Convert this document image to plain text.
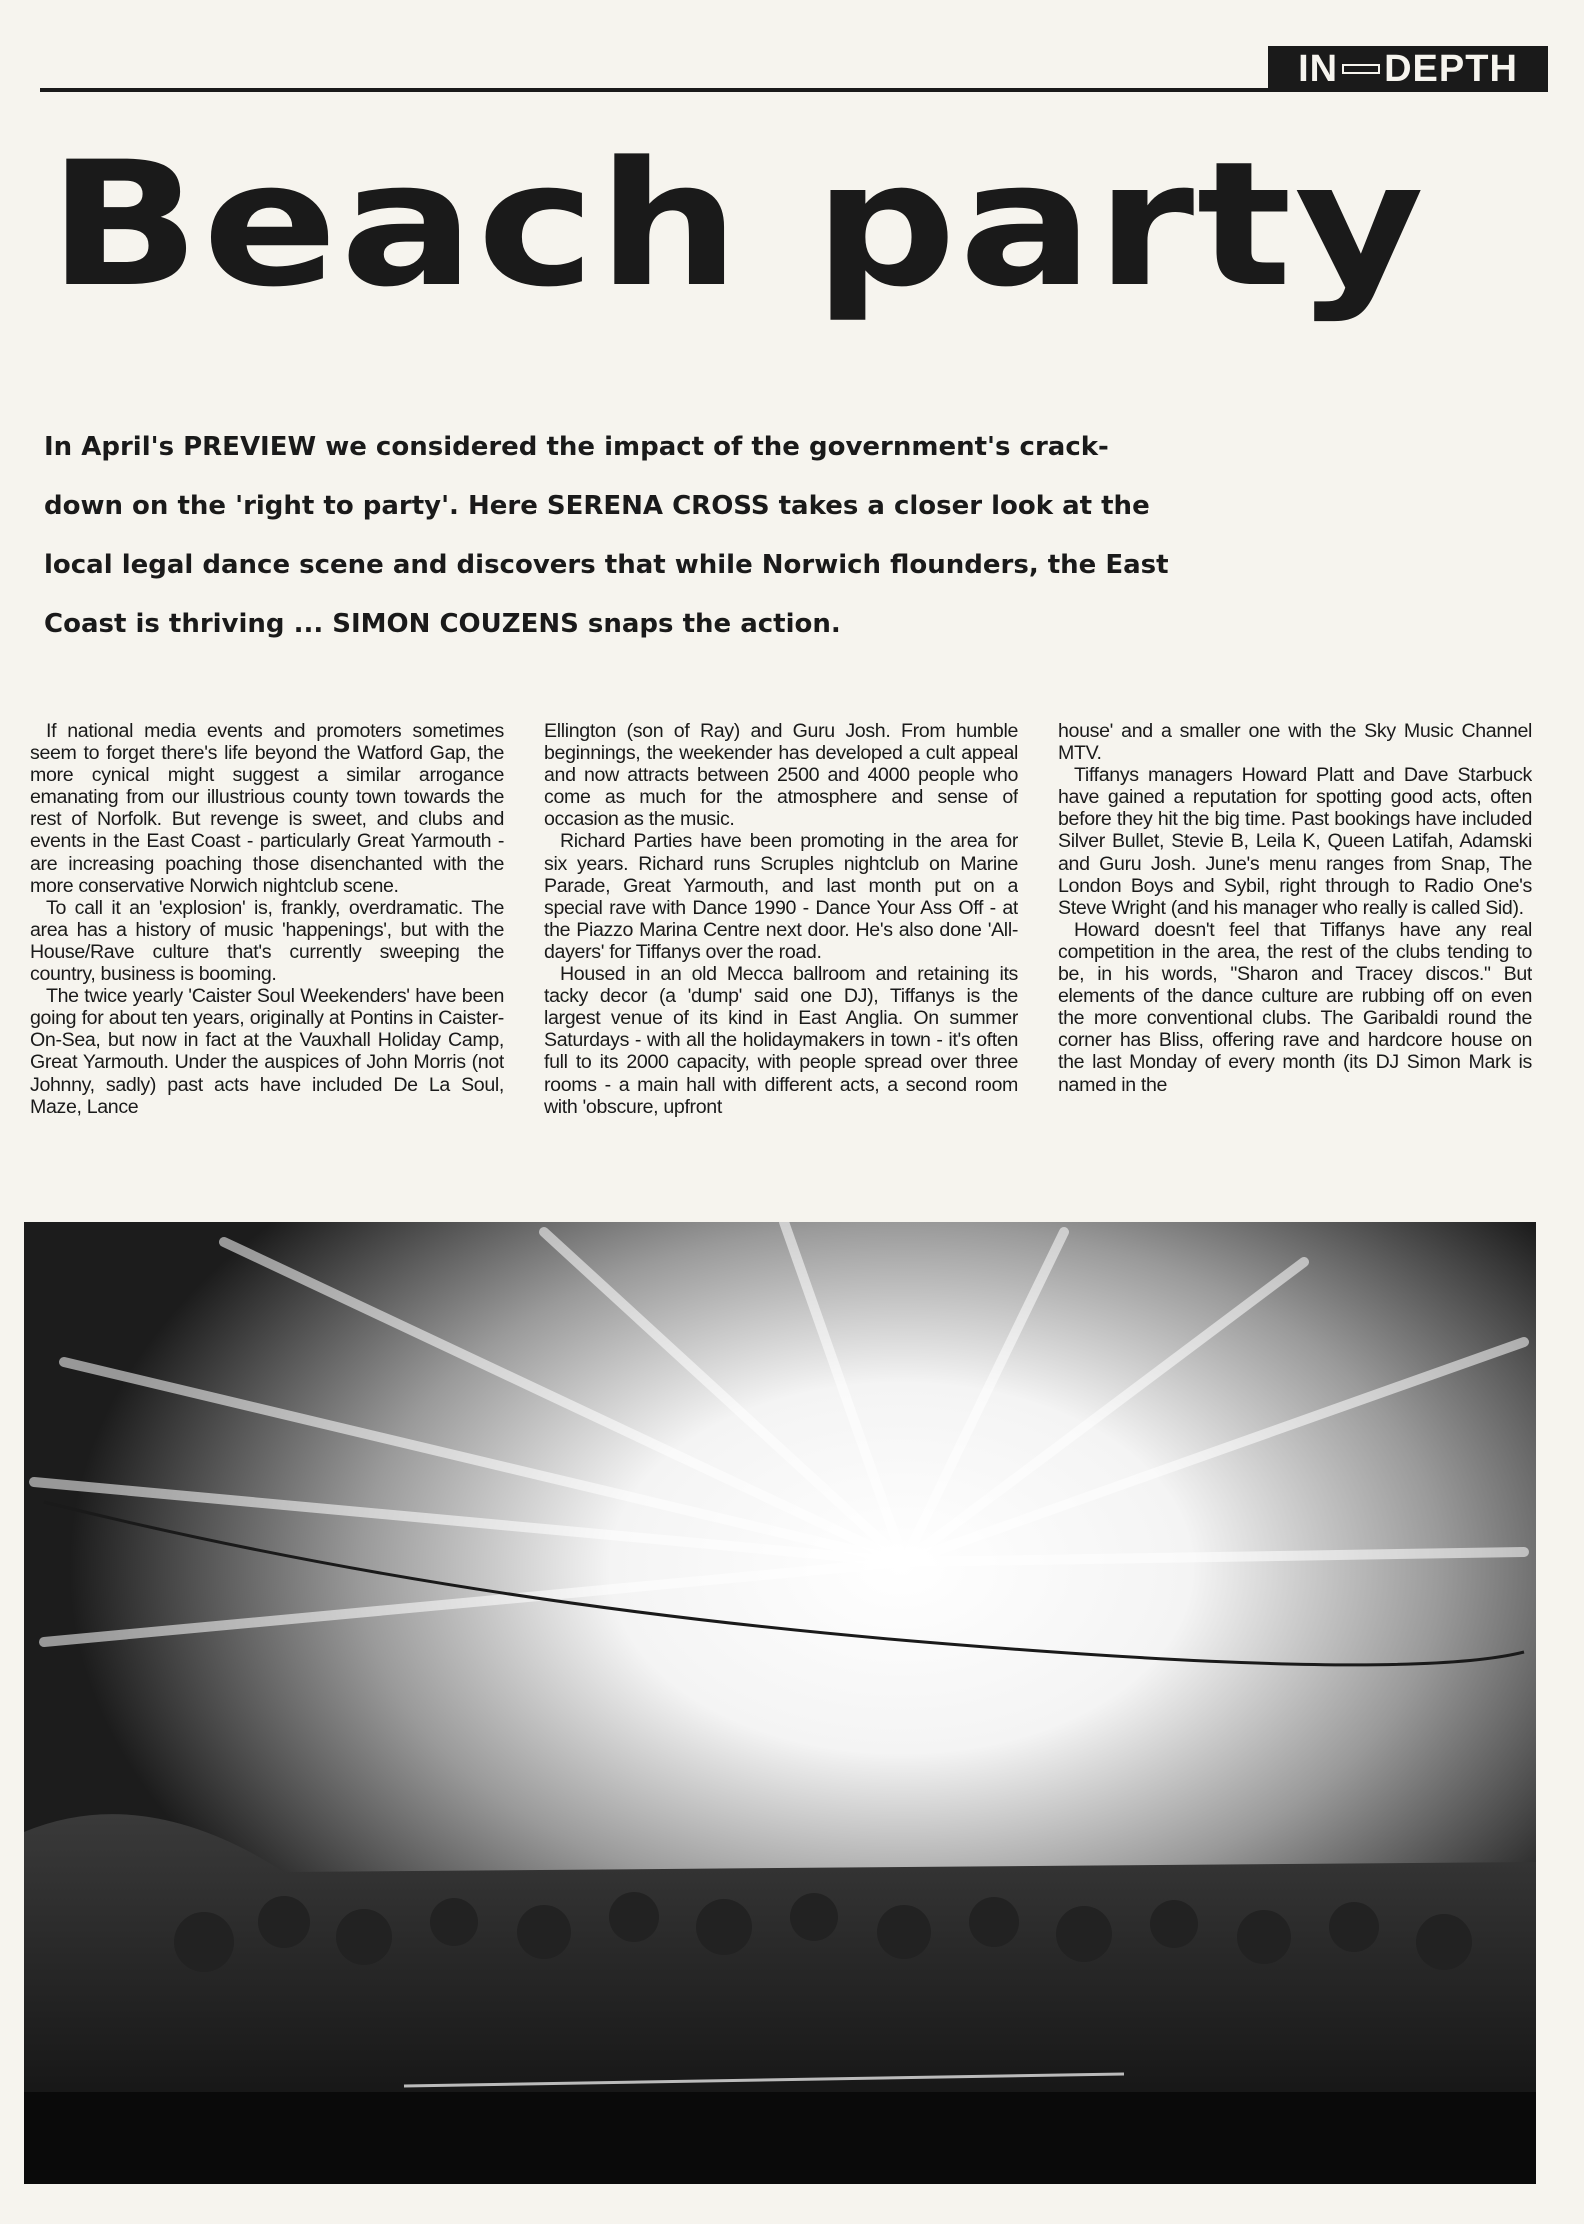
IN DEPTH
Beach party

In April's PREVIEW we considered the impact of the government's crack-

down on the 'right to party'. Here SERENA CROSS takes a closer look at the

local legal dance scene and discovers that while Norwich flounders, the East

Coast is thriving ... SIMON COUZENS snaps the action.

If national media events and promoters sometimes seem to forget there's life beyond the Watford Gap, the more cynical might suggest a similar arrogance emanating from our illustrious county town towards the rest of Norfolk. But revenge is sweet, and clubs and events in the East Coast - particularly Great Yarmouth - are increasing poaching those disenchanted with the more conservative Norwich nightclub scene.

To call it an 'explosion' is, frankly, overdramatic. The area has a history of music 'happenings', but with the House/Rave culture that's currently sweeping the country, business is booming.

The twice yearly 'Caister Soul Weekenders' have been going for about ten years, originally at Pontins in Caister-On-Sea, but now in fact at the Vauxhall Holiday Camp, Great Yarmouth. Under the auspices of John Morris (not Johnny, sadly) past acts have included De La Soul, Maze, Lance

Ellington (son of Ray) and Guru Josh. From humble beginnings, the weekender has developed a cult appeal and now attracts between 2500 and 4000 people who come as much for the atmosphere and sense of occasion as the music.

Richard Parties have been promoting in the area for six years. Richard runs Scruples nightclub on Marine Parade, Great Yarmouth, and last month put on a special rave with Dance 1990 - Dance Your Ass Off - at the Piazzo Marina Centre next door. He's also done 'All-dayers' for Tiffanys over the road.

Housed in an old Mecca ballroom and retaining its tacky decor (a 'dump' said one DJ), Tiffanys is the largest venue of its kind in East Anglia. On summer Saturdays - with all the holidaymakers in town - it's often full to its 2000 capacity, with people spread over three rooms - a main hall with different acts, a second room with 'obscure, upfront

house' and a smaller one with the Sky Music Channel MTV.

Tiffanys managers Howard Platt and Dave Starbuck have gained a reputation for spotting good acts, often before they hit the big time. Past bookings have included Silver Bullet, Stevie B, Leila K, Queen Latifah, Adamski and Guru Josh. June's menu ranges from Snap, The London Boys and Sybil, right through to Radio One's Steve Wright (and his manager who really is called Sid).

Howard doesn't feel that Tiffanys have any real competition in the area, the rest of the clubs tending to be, in his words, "Sharon and Tracey discos." But elements of the dance culture are rubbing off on even the more conventional clubs. The Garibaldi round the corner has Bliss, offering rave and hardcore house on the last Monday of every month (its DJ Simon Mark is named in the
